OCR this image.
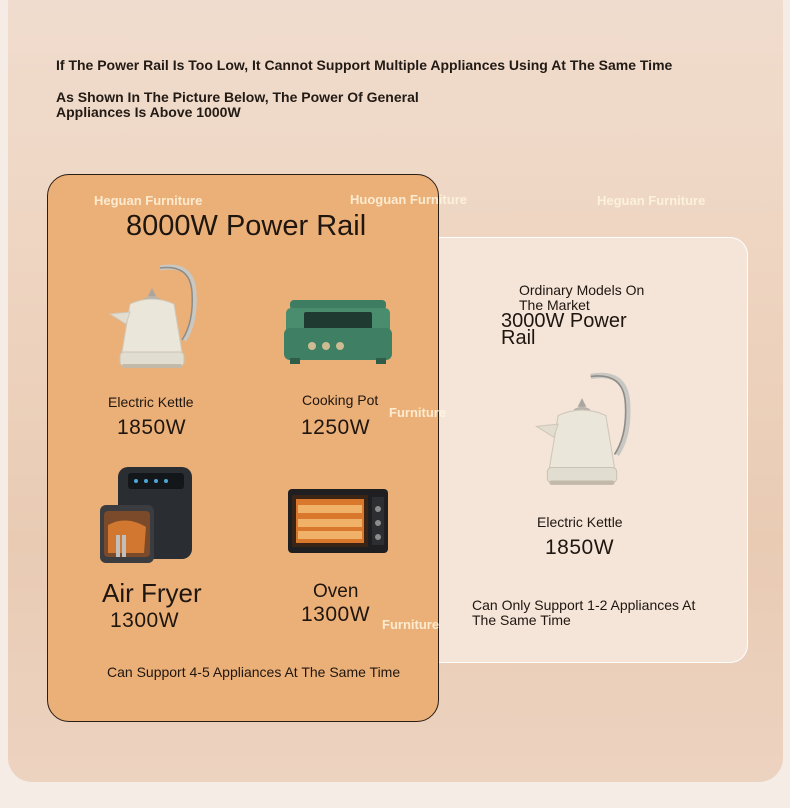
If The Power Rail Is Too Low, It Cannot Support Multiple Appliances Using At The Same Time
As Shown In The Picture Below, The Power Of General Appliances Is Above 1000W
Heguan Furniture	Huoguan Furniture	Heguan Furniture
Furniture
Furniture
8000W Power Rail
Electric Kettle
1850W
Cooking Pot
1250W
Air Fryer
1300W
Oven
1300W
Can Support 4-5 Appliances At The Same Time
Ordinary Models On The Market
3000W Power Rail
Electric Kettle
1850W
Can Only Support 1-2 Appliances At The Same Time
